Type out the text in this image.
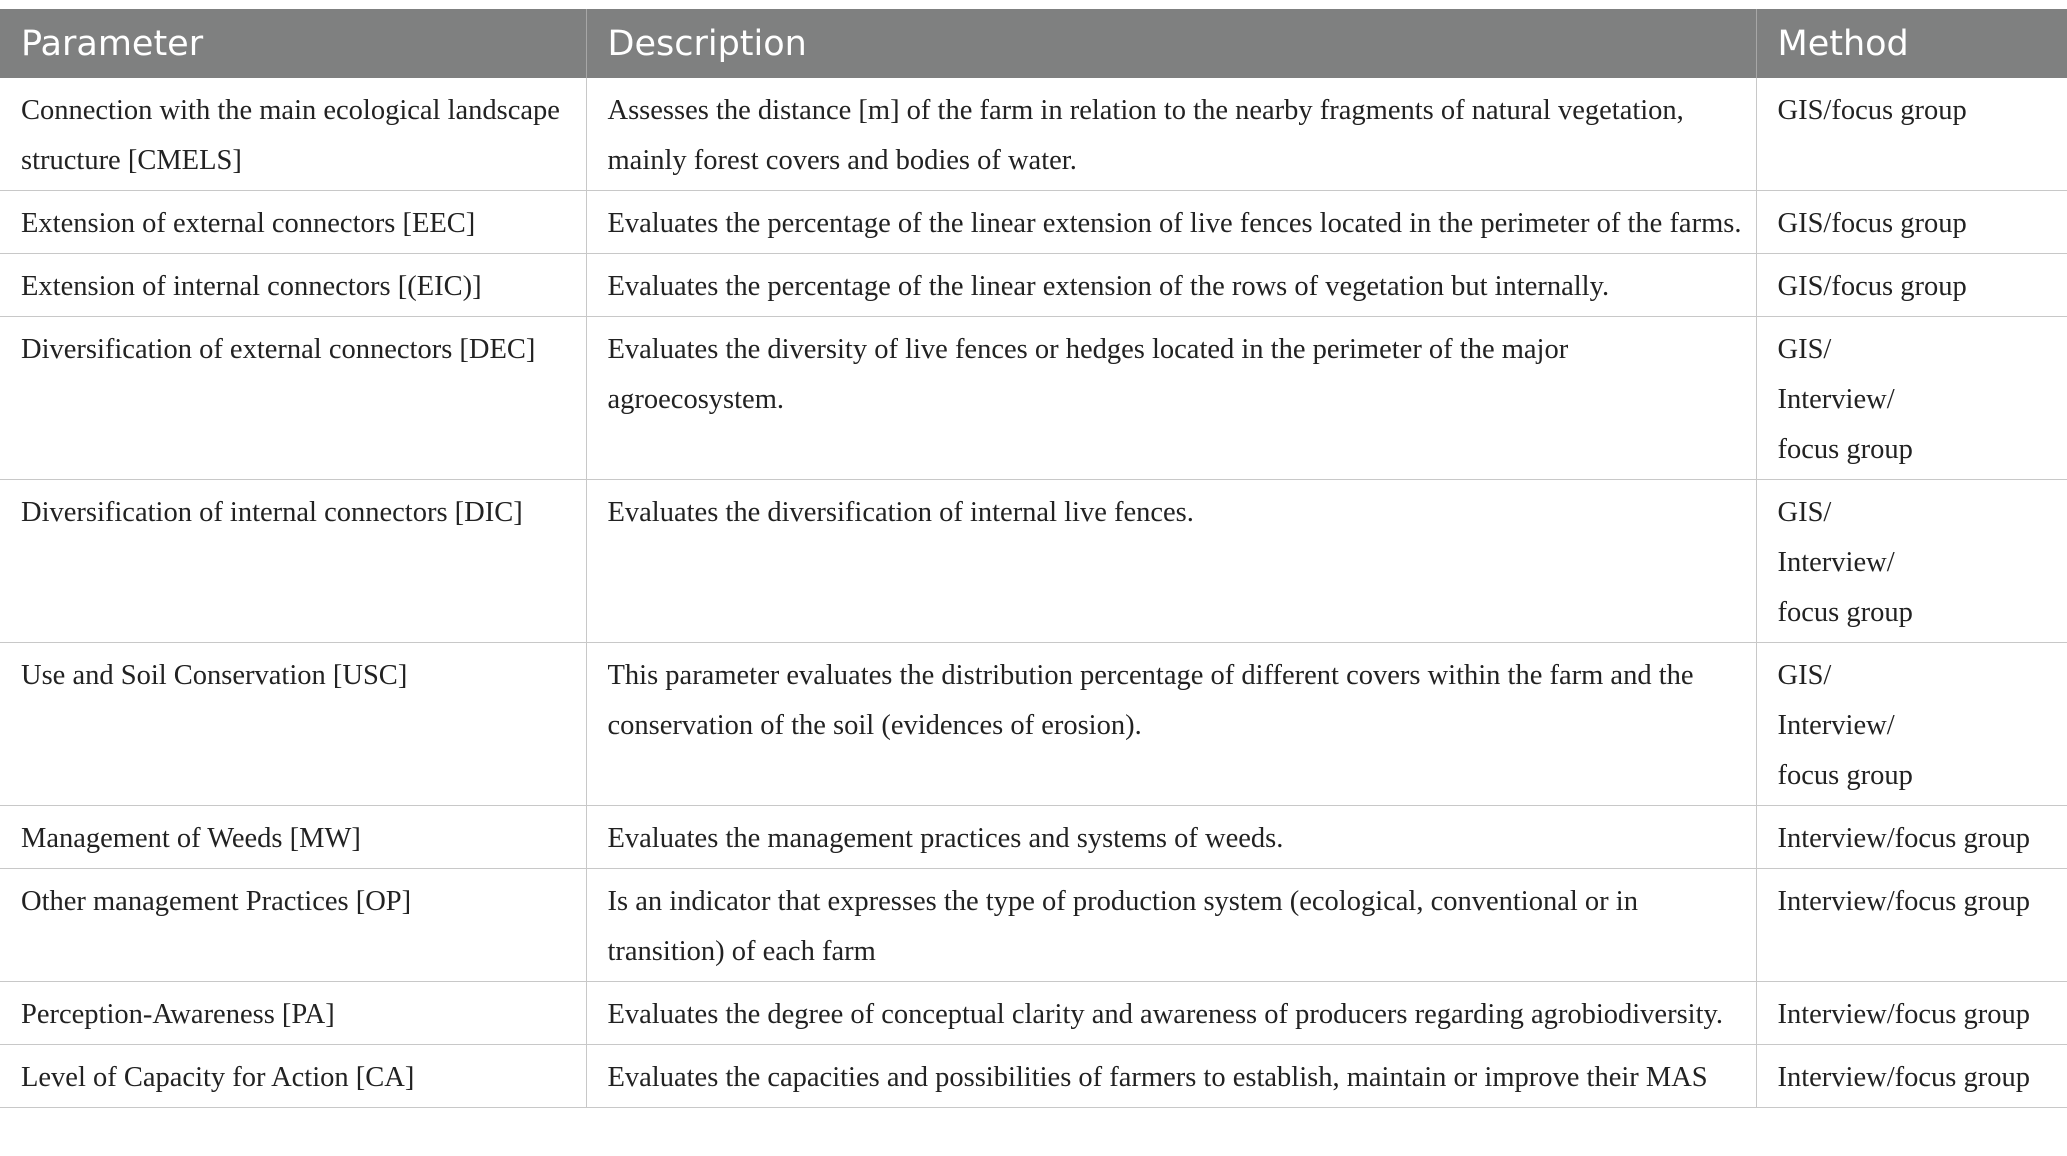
Parameter	Description	Method
Connection with the main ecological landscape structure [CMELS]	Assesses the distance [m] of the farm in relation to the nearby fragments of natural vegetation, mainly forest covers and bodies of water.	GIS/focus group
Extension of external connectors [EEC]	Evaluates the percentage of the linear extension of live fences located in the perimeter of the farms.	GIS/focus group
Extension of internal connectors [(EIC)]	Evaluates the percentage of the linear extension of the rows of vegetation but internally.	GIS/focus group
Diversification of external connectors [DEC]	Evaluates the diversity of live fences or hedges located in the perimeter of the major agroecosystem.	GIS/
Interview/
focus group
Diversification of internal connectors [DIC]	Evaluates the diversification of internal live fences.	GIS/
Interview/
focus group
Use and Soil Conservation [USC]	This parameter evaluates the distribution percentage of different covers within the farm and the conservation of the soil (evidences of erosion).	GIS/
Interview/
focus group
Management of Weeds [MW]	Evaluates the management practices and systems of weeds.	Interview/focus group
Other management Practices [OP]	Is an indicator that expresses the type of production system (ecological, conventional or in transition) of each farm	Interview/focus group
Perception-Awareness [PA]	Evaluates the degree of conceptual clarity and awareness of producers regarding agrobiodiversity.	Interview/focus group
Level of Capacity for Action [CA]	Evaluates the capacities and possibilities of farmers to establish, maintain or improve their MAS	Interview/focus group
